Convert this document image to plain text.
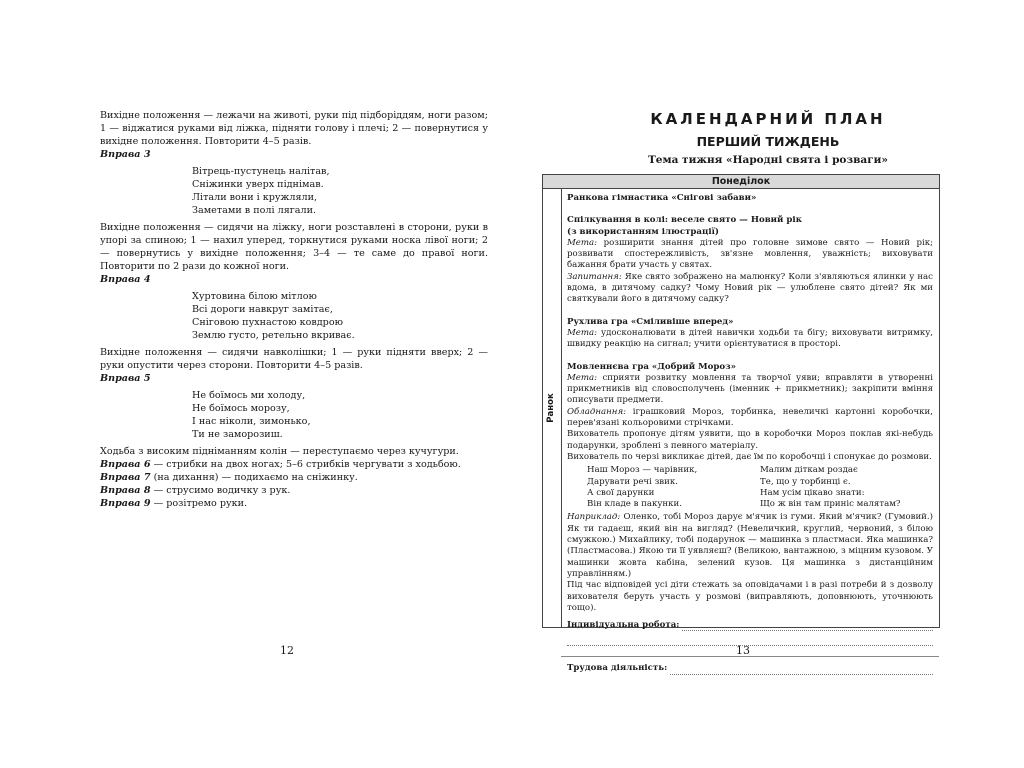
Вихідне положення — лежачи на животі, руки під підборіддям, ноги разом; 1 — віджатися руками від ліжка, підняти голову і плечі; 2 — повернутися у вихідне положення. Повторити 4–5 разів.

Вправа 3

Вітрець-пустунець налітав,
Сніжинки уверх піднімав.
Літали вони і кружляли,
Заметами в полі лягали.

Вихідне положення — сидячи на ліжку, ноги розставлені в сторони, руки в упорі за спиною; 1 — нахил уперед, торкнутися руками носка лівої ноги; 2 — повернутись у вихідне положення; 3–4 — те саме до правої ноги. Повторити по 2 рази до кожної ноги.

Вправа 4

Хуртовина білою мітлою
Всі дороги навкруг замітає,
Сніговою пухнастою ковдрою
Землю густо, ретельно вкриває.

Вихідне положення — сидячи навколішки; 1 — руки підняти вверх; 2 — руки опустити через сторони. Повторити 4–5 разів.

Вправа 5

Не боїмось ми холоду,
Не боїмось морозу,
І нас ніколи, зимонько,
Ти не заморозиш.

Ходьба з високим підніманням колін — переступаємо через кучугури.

Вправа 6 — стрибки на двох ногах; 5–6 стрибків чергувати з ходьбою.

Вправа 7 (на дихання) — подихаємо на сніжинку.

Вправа 8 — струсимо водичку з рук.

Вправа 9 — розітремо руки.

12
КАЛЕНДАРНИЙ ПЛАН
ПЕРШИЙ ТИЖДЕНЬ
Тема тижня «Народні свята і розваги»
Понеділок
Ранок

Ранкова гімнастика «Снігові забави»

Спілкування в колі: веселе свято — Новий рік

(з використанням ілюстрації)

Мета: розширити знання дітей про головне зимове свято — Новий рік; розвивати спостережливість, зв'язне мовлення, уважність; виховувати бажання брати участь у святах.

Запитання: Яке свято зображено на малюнку? Коли з'являються ялинки у нас вдома, в дитячому садку? Чому Новий рік — улюблене свято дітей? Як ми святкували його в дитячому садку?

Рухлива гра «Сміливіше вперед»

Мета: удосконалювати в дітей навички ходьби та бігу; виховувати витримку, швидку реакцію на сигнал; учити орієнтуватися в просторі.

Мовленнєва гра «Добрий Мороз»

Мета: сприяти розвитку мовлення та творчої уяви; вправляти в утворенні прикметників від словосполучень (іменник + прикметник); закріпити вміння описувати предмети.

Обладнання: іграшковий Мороз, торбинка, невеличкі картонні коробочки, перев'язані кольоровими стрічками.

Вихователь пропонує дітям уявити, що в коробочки Мороз поклав які-небудь подарунки, зроблені з певного матеріалу.

Вихователь по черзі викликає дітей, дає їм по коробочці і спонукає до розмови.

Наш Мороз — чарівник,
Дарувати речі звик.
А свої дарунки
Він кладе в пакунки.
Малим діткам роздає
Те, що у торбинці є.
Нам усім цікаво знати:
Що ж він там приніс малятам?

Наприклад: Оленко, тобі Мороз дарує м'ячик із гуми. Який м'ячик? (Гумовий.) Як ти гадаєш, який він на вигляд? (Невеличкий, круглий, червоний, з білою смужкою.) Михайлику, тобі подарунок — машинка з пластмаси. Яка машинка? (Пластмасова.) Якою ти її уявляєш? (Великою, вантажною, з міцним кузовом. У машинки жовта кабіна, зелений кузов. Ця машинка з дистанційним управлінням.)

Під час відповідей усі діти стежать за оповідачами і в разі потреби й з дозволу вихователя беруть участь у розмові (виправляють, доповнюють, уточнюють тощо).

Індивідуальна робота:
Трудова діяльність:
13
